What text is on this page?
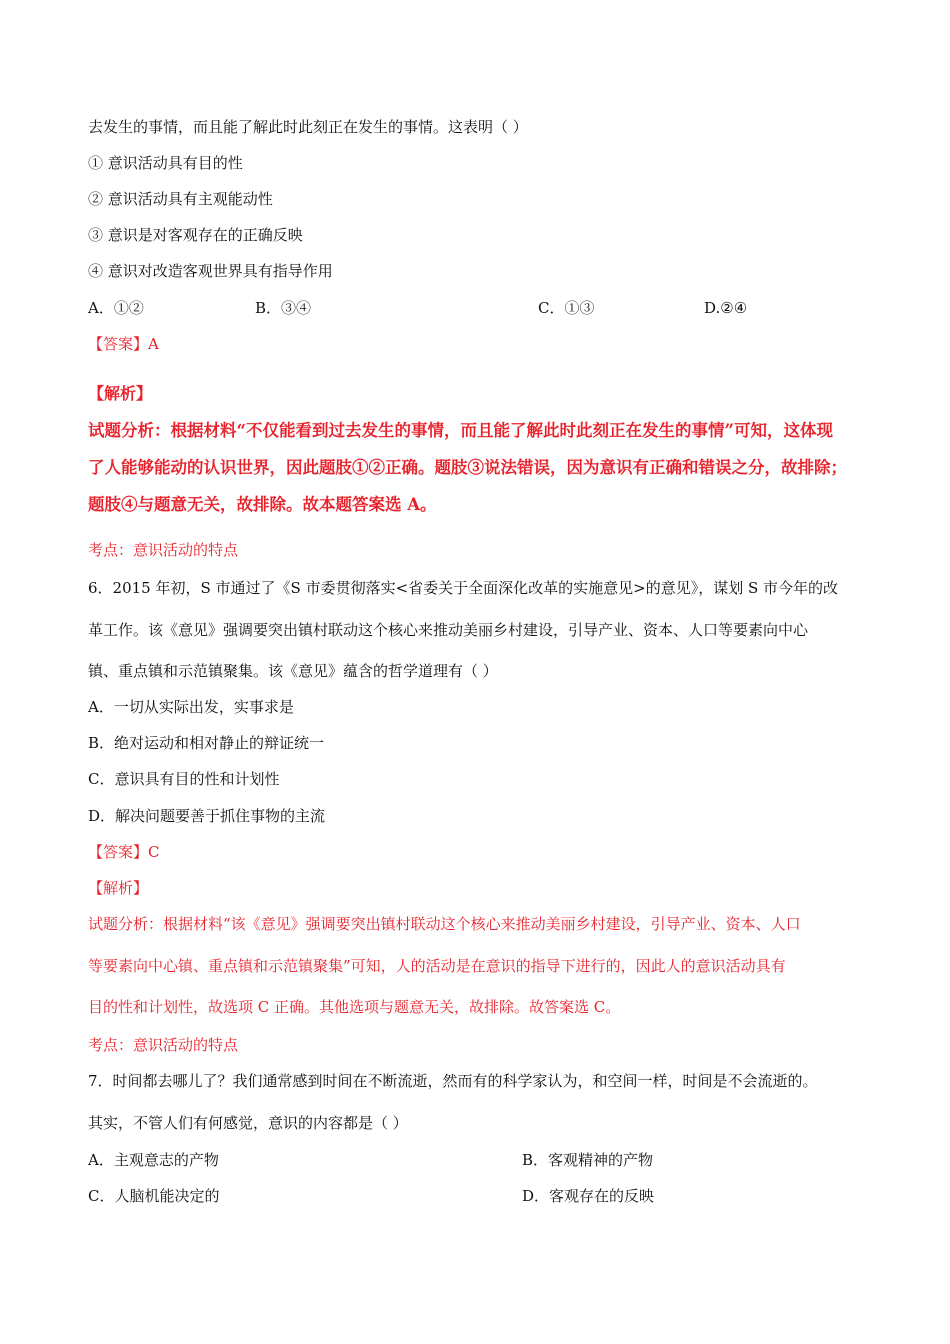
去发生的事情，而且能了解此时此刻正在发生的事情。这表明（ ）
① 意识活动具有目的性
② 意识活动具有主观能动性
③ 意识是对客观存在的正确反映
④ 意识对改造客观世界具有指导作用
A．①②	B．③④	C．①③	D.②④
【答案】A
【解析】
试题分析：根据材料“不仅能看到过去发生的事情，而且能了解此时此刻正在发生的事情”可知，这体现
了人能够能动的认识世界，因此题肢①②正确。题肢③说法错误，因为意识有正确和错误之分，故排除；
题肢④与题意无关，故排除。故本题答案选 A。
考点：意识活动的特点
6．2015 年初，S 市通过了《S 市委贯彻落实<省委关于全面深化改革的实施意见>的意见》，谋划 S 市今年的改
革工作。该《意见》强调要突出镇村联动这个核心来推动美丽乡村建设，引导产业、资本、人口等要素向中心
镇、重点镇和示范镇聚集。该《意见》蕴含的哲学道理有（ ）
A．一切从实际出发，实事求是
B．绝对运动和相对静止的辩证统一
C．意识具有目的性和计划性
D．解决问题要善于抓住事物的主流
【答案】C
【解析】
试题分析：根据材料“该《意见》强调要突出镇村联动这个核心来推动美丽乡村建设，引导产业、资本、人口
等要素向中心镇、重点镇和示范镇聚集”可知，人的活动是在意识的指导下进行的，因此人的意识活动具有
目的性和计划性，故选项 C 正确。其他选项与题意无关，故排除。故答案选 C。
考点：意识活动的特点
7．时间都去哪儿了？我们通常感到时间在不断流逝，然而有的科学家认为，和空间一样，时间是不会流逝的。
其实，不管人们有何感觉，意识的内容都是（ ）
A．主观意志的产物	B．客观精神的产物
C．人脑机能决定的	D．客观存在的反映
